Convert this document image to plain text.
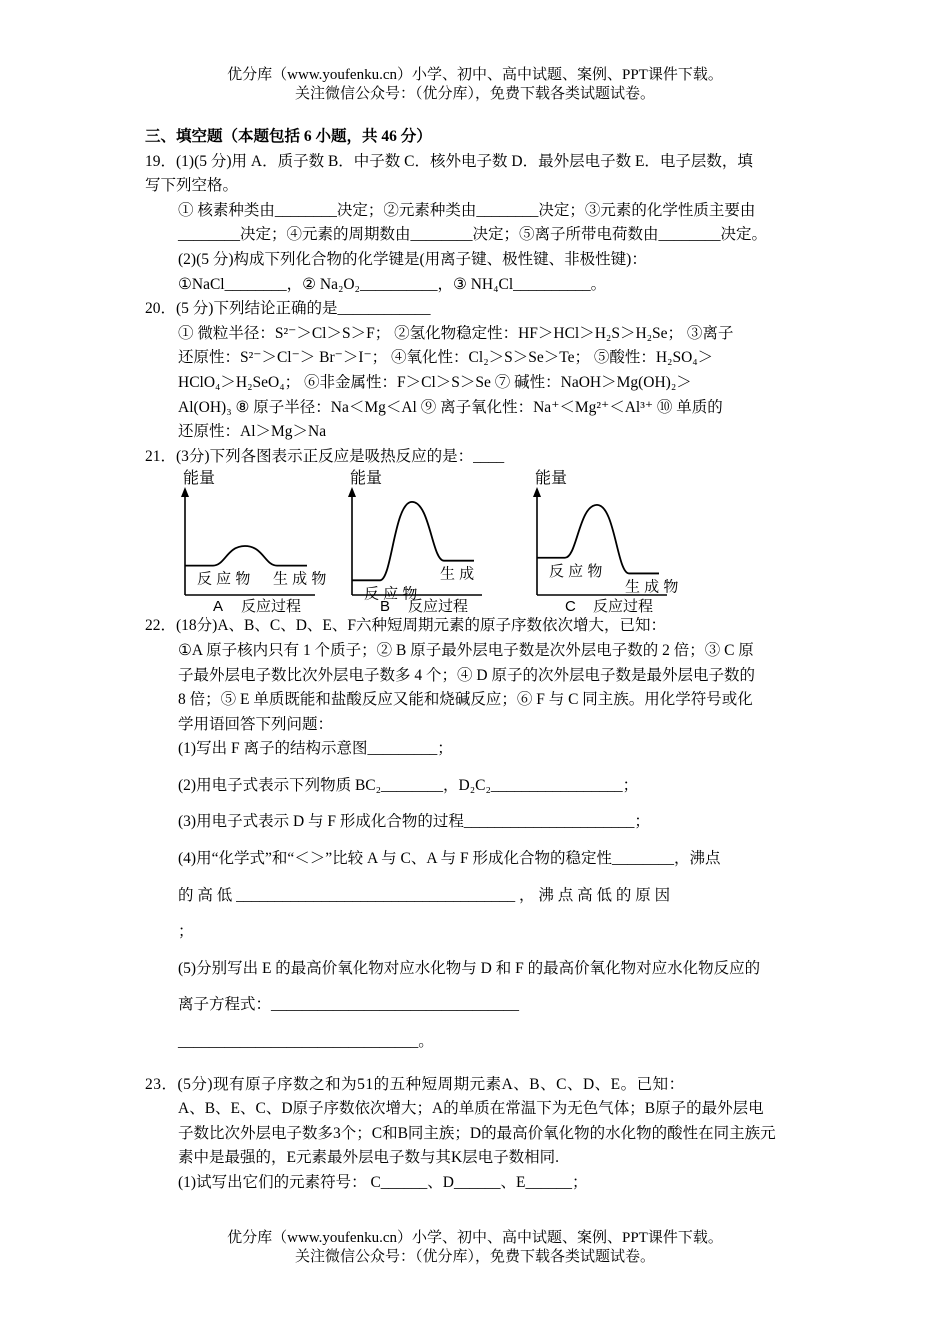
优分库（www.youfenku.cn）小学、初中、高中试题、案例、PPT课件下载。
关注微信公众号：（优分库），免费下载各类试题试卷。
三、填空题（本题包括 6 小题，共 46 分）
19．(1)(5 分)用 A．质子数 B．中子数 C．核外电子数 D．最外层电子数 E．电子层数，填
写下列空格。
① 核素种类由________决定；②元素种类由________决定；③元素的化学性质主要由
________决定；④元素的周期数由________决定；⑤离子所带电荷数由________决定。
(2)(5 分)构成下列化合物的化学键是(用离子键、极性键、非极性键)：
①NaCl________，② Na₂O₂__________，③ NH₄Cl__________。
20．(5 分)下列结论正确的是____________
① 微粒半径：S²⁻＞Cl＞S＞F； ②氢化物稳定性：HF＞HCl＞H₂S＞H₂Se； ③离子
还原性：S²⁻＞Cl⁻＞ Br⁻＞I⁻； ④氧化性：Cl₂＞S＞Se＞Te； ⑤酸性：H₂SO₄＞
HClO₄＞H₂SeO₄； ⑥非金属性：F＞Cl＞S＞Se ⑦ 碱性：NaOH＞Mg(OH)₂＞
Al(OH)₃ ⑧ 原子半径：Na＜Mg＜Al ⑨ 离子氧化性：Na⁺＜Mg²⁺＜Al³⁺ ⑩ 单质的
还原性：Al＞Mg＞Na
21．(3分)下列各图表示正反应是吸热反应的是：____
能量
反 应 物 生 成 物
A 反应过程
能量
反 应 物
生 成
B 反应过程
能量
反 应 物
生 成 物
C 反应过程
22．(18分)A、B、C、D、E、F六种短周期元素的原子序数依次增大，已知：
①A 原子核内只有 1 个质子；② B 原子最外层电子数是次外层电子数的 2 倍；③ C 原
子最外层电子数比次外层电子数多 4 个；④ D 原子的次外层电子数是最外层电子数的
8 倍；⑤ E 单质既能和盐酸反应又能和烧碱反应；⑥ F 与 C 同主族。用化学符号或化
学用语回答下列问题：
(1)写出 F 离子的结构示意图_________；
(2)用电子式表示下列物质 BC₂________，D₂C₂_________________；
(3)用电子式表示 D 与 F 形成化合物的过程______________________；
(4)用“化学式”和“＜＞”比较 A 与 C、A 与 F 形成化合物的稳定性________，沸点
的 高 低 ____________________________________ ， 沸 点 高 低 的 原 因
；
(5)分别写出 E 的最高价氧化物对应水化物与 D 和 F 的最高价氧化物对应水化物反应的
离子方程式：________________________________
_______________________________。
23．(5分)现有原子序数之和为51的五种短周期元素A、B、C、D、E。已知：
A、B、E、C、D原子序数依次增大；A的单质在常温下为无色气体；B原子的最外层电
子数比次外层电子数多3个；C和B同主族；D的最高价氧化物的水化物的酸性在同主族元
素中是最强的，E元素最外层电子数与其K层电子数相同.
(1)试写出它们的元素符号： C______、D______、E______；
优分库（www.youfenku.cn）小学、初中、高中试题、案例、PPT课件下载。
关注微信公众号：（优分库），免费下载各类试题试卷。
